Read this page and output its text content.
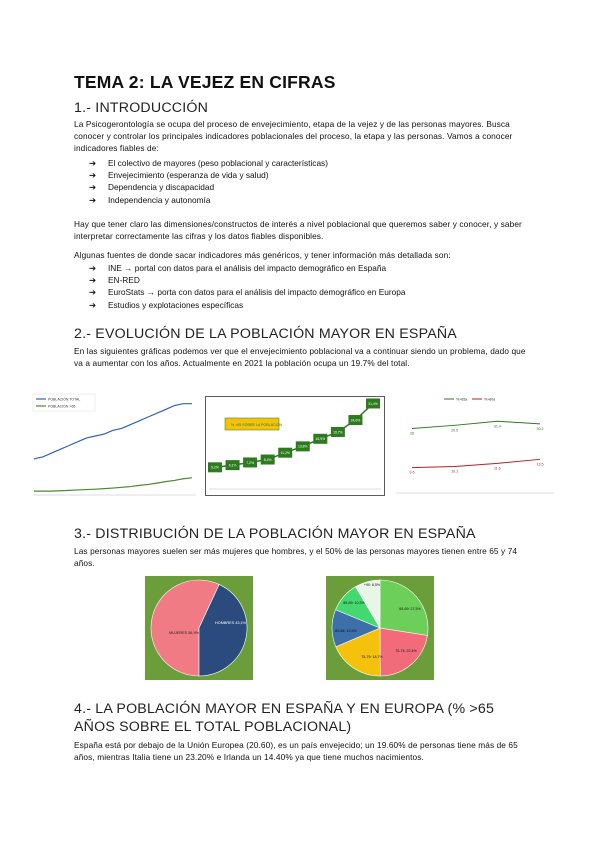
TEMA 2: LA VEJEZ EN CIFRAS
1.- INTRODUCCIÓN

La Psicogerontología se ocupa del proceso de envejecimiento, etapa de la vejez y de las personas mayores. Busca conocer y controlar los principales indicadores poblacionales del proceso, la etapa y las personas. Vamos a conocer indicadores fiables de:

➔ El colectivo de mayores (peso poblacional y características)
➔ Envejecimiento (esperanza de vida y salud)
➔ Dependencia y discapacidad
➔ Independencia y autonomía

Hay que tener claro las dimensiones/constructos de interés a nivel poblacional que queremos saber y conocer, y saber interpretar correctamente las cifras y los datos fiables disponibles.

Algunas fuentes de donde sacar indicadores más genéricos, y tener información más detallada son:

➔ INE → portal con datos para el análisis del impacto demográfico en España
➔ EN-RED
➔ EuroStats → porta con datos para el análisis del impacto demográfico en Europa
➔ Estudios y explotaciones específicas
2.- EVOLUCIÓN DE LA POBLACIÓN MAYOR EN ESPAÑA

En las siguientes gráficas podemos ver que el envejecimiento poblacional va a continuar siendo un problema, dado que va a aumentar con los años. Actualmente en 2021 la población ocupa un 19.7% del total.

POBLACIÓN TOTAL
POBLACIÓN >65
% >65 SOBRE LA POBLACIÓN
5,2%
6,1%
7,2%
8,4%
11,2%
13,8%
16,9%
19,7%
24,6%
31,4%
%>65a	%>80a
28
29.5
31.4
30.2
9.6	10.1
11.6
13.5
3.- DISTRIBUCIÓN DE LA POBLACIÓN MAYOR EN ESPAÑA

Las personas mayores suelen ser más mujeres que hombres, y el 50% de las personas mayores tienen entre 65 y 74 años.

MUJERES 56,9%
HOMBRES 43,1%
65-69: 27,5%
70-74: 22,4%
75-79: 18,7%
80-84: 12,6%
85-89: 10,3%
+90: 8,5%
4.- LA POBLACIÓN MAYOR EN ESPAÑA Y EN EUROPA (% >65 AÑOS SOBRE EL TOTAL POBLACIONAL)

España está por debajo de la Unión Europea (20.60), es un país envejecido; un 19.60% de personas tiene más de 65 años, mientras Italia tiene un 23.20% e Irlanda un 14.40% ya que tiene muchos nacimientos.
